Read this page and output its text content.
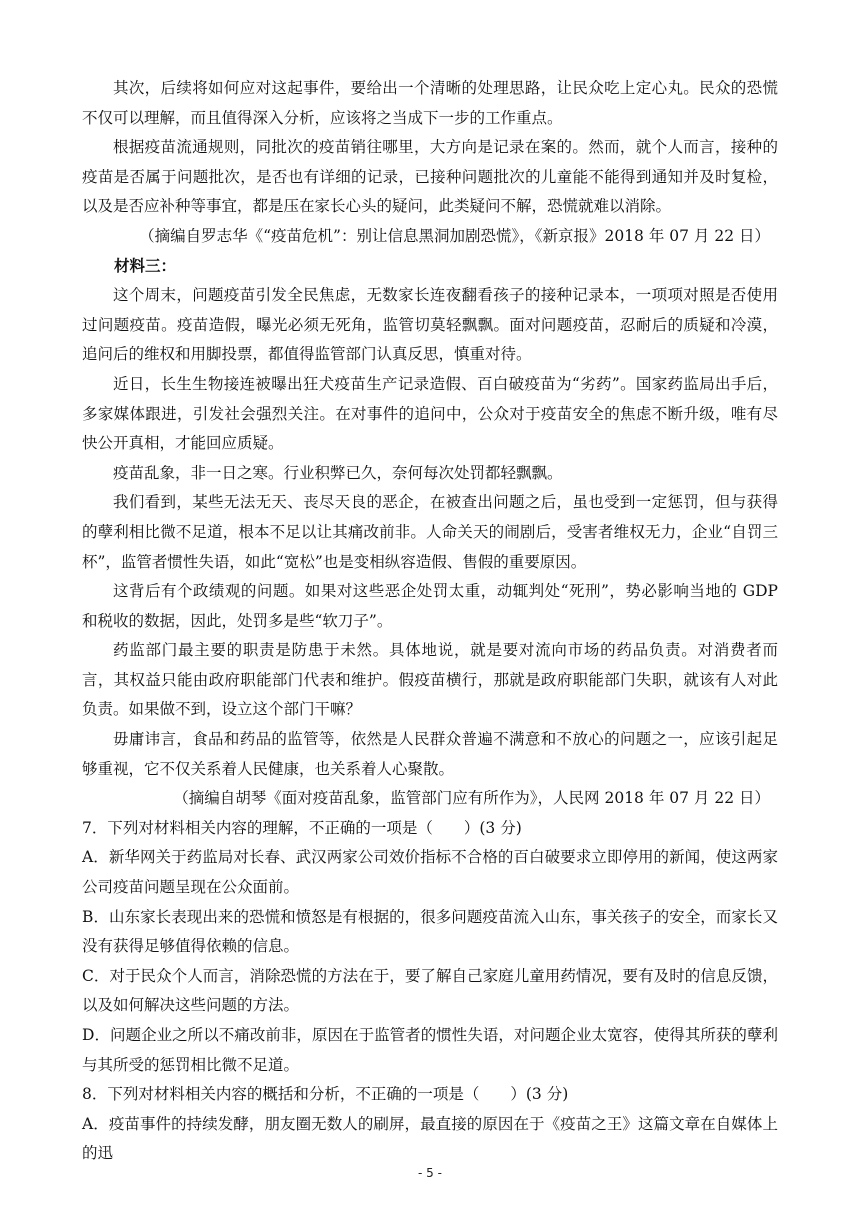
其次，后续将如何应对这起事件，要给出一个清晰的处理思路，让民众吃上定心丸。民众的恐慌不仅可以理解，而且值得深入分析，应该将之当成下一步的工作重点。

根据疫苗流通规则，同批次的疫苗销往哪里，大方向是记录在案的。然而，就个人而言，接种的疫苗是否属于问题批次，是否也有详细的记录，已接种问题批次的儿童能不能得到通知并及时复检，以及是否应补种等事宜，都是压在家长心头的疑问，此类疑问不解，恐慌就难以消除。

（摘编自罗志华《“疫苗危机”：别让信息黑洞加剧恐慌》，《新京报》2018 年 07 月 22 日）

材料三：

这个周末，问题疫苗引发全民焦虑，无数家长连夜翻看孩子的接种记录本，一项项对照是否使用过问题疫苗。疫苗造假，曝光必须无死角，监管切莫轻飘飘。面对问题疫苗，忍耐后的质疑和冷漠，追问后的维权和用脚投票，都值得监管部门认真反思，慎重对待。

近日，长生生物接连被曝出狂犬疫苗生产记录造假、百白破疫苗为“劣药”。国家药监局出手后，多家媒体跟进，引发社会强烈关注。在对事件的追问中，公众对于疫苗安全的焦虑不断升级，唯有尽快公开真相，才能回应质疑。

疫苗乱象，非一日之寒。行业积弊已久，奈何每次处罚都轻飘飘。

我们看到，某些无法无天、丧尽天良的恶企，在被查出问题之后，虽也受到一定惩罚，但与获得的孽利相比微不足道，根本不足以让其痛改前非。人命关天的闹剧后，受害者维权无力，企业“自罚三杯”，监管者惯性失语，如此“宽松”也是变相纵容造假、售假的重要原因。

这背后有个政绩观的问题。如果对这些恶企处罚太重，动辄判处“死刑”，势必影响当地的 GDP 和税收的数据，因此，处罚多是些“软刀子”。

药监部门最主要的职责是防患于未然。具体地说，就是要对流向市场的药品负责。对消费者而言，其权益只能由政府职能部门代表和维护。假疫苗横行，那就是政府职能部门失职，就该有人对此负责。如果做不到，设立这个部门干嘛？

毋庸讳言，食品和药品的监管等，依然是人民群众普遍不满意和不放心的问题之一，应该引起足够重视，它不仅关系着人民健康，也关系着人心聚散。

（摘编自胡琴《面对疫苗乱象，监管部门应有所作为》，人民网 2018 年 07 月 22 日）

7．下列对材料相关内容的理解，不正确的一项是（　　）(3 分)

A．新华网关于药监局对长春、武汉两家公司效价指标不合格的百白破要求立即停用的新闻，使这两家公司疫苗问题呈现在公众面前。

B．山东家长表现出来的恐慌和愤怒是有根据的，很多问题疫苗流入山东，事关孩子的安全，而家长又没有获得足够值得依赖的信息。

C．对于民众个人而言，消除恐慌的方法在于，要了解自己家庭儿童用药情况，要有及时的信息反馈，以及如何解决这些问题的方法。

D．问题企业之所以不痛改前非，原因在于监管者的惯性失语，对问题企业太宽容，使得其所获的孽利与其所受的惩罚相比微不足道。

8．下列对材料相关内容的概括和分析，不正确的一项是（　　）(3 分)

A．疫苗事件的持续发酵，朋友圈无数人的刷屏，最直接的原因在于《疫苗之王》这篇文章在自媒体上的迅

- 5 -
